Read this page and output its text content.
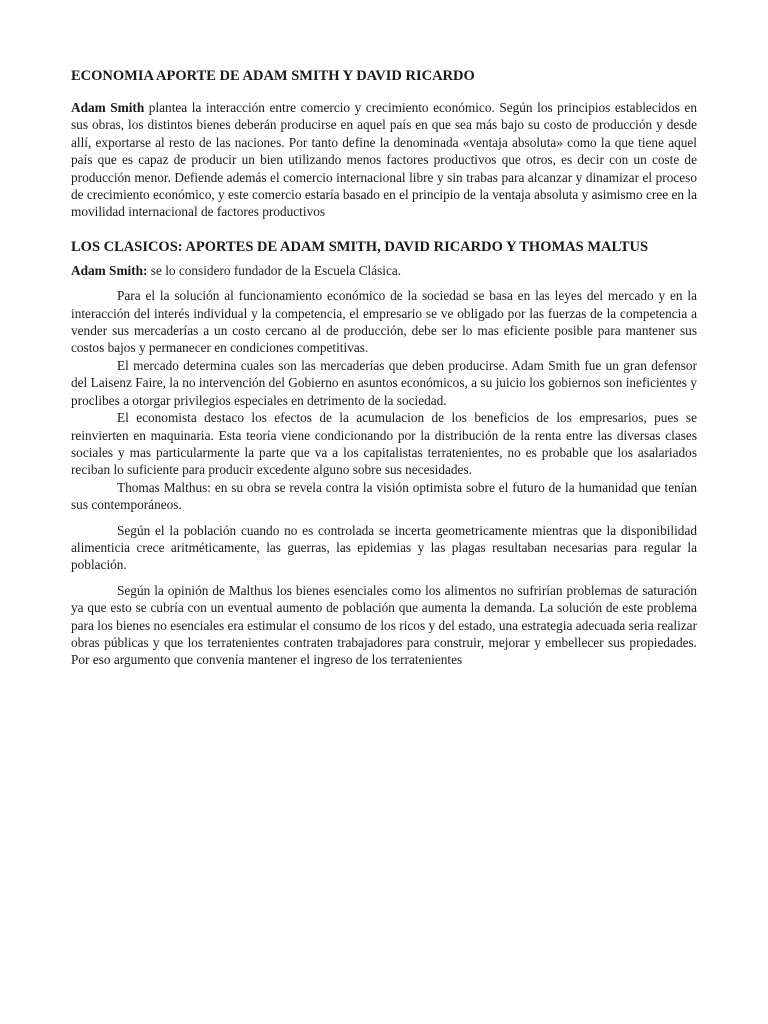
ECONOMIA APORTE DE ADAM SMITH Y DAVID RICARDO

Adam Smith plantea la interacción entre comercio y crecimiento económico. Según los principios establecidos en sus obras, los distintos bienes deberán producirse en aquel país en que sea más bajo su costo de producción y desde allí, exportarse al resto de las naciones. Por tanto define la denominada «ventaja absoluta» como la que tiene aquel país que es capaz de producir un bien utilizando menos factores productivos que otros, es decir con un coste de producción menor. Defiende además el comercio internacional libre y sin trabas para alcanzar y dinamizar el proceso de crecimiento económico, y este comercio estaría basado en el principio de la ventaja absoluta y asimismo cree en la movilidad internacional de factores productivos

LOS CLASICOS: APORTES DE ADAM SMITH, DAVID RICARDO Y THOMAS MALTUS

Adam Smith: se lo considero fundador de la Escuela Clásica.

Para el la solución al funcionamiento económico de la sociedad se basa en las leyes del mercado y en la interacción del interés individual y la competencia, el empresario se ve obligado por las fuerzas de la competencia a vender sus mercaderías a un costo cercano al de producción, debe ser lo mas eficiente posible para mantener sus costos bajos y permanecer en condiciones competitivas.

El mercado determina cuales son las mercaderías que deben producirse. Adam Smith fue un gran defensor del Laisenz Faire, la no intervención del Gobierno en asuntos económicos, a su juicio los gobiernos son ineficientes y proclibes a otorgar privilegios especiales en detrimento de la sociedad.

El economista destaco los efectos de la acumulacion de los beneficios de los empresarios, pues se reinvierten en maquinaria. Esta teoría viene condicionando por la distribución de la renta entre las diversas clases sociales y mas particularmente la parte que va a los capitalistas terratenientes, no es probable que los asalariados reciban lo suficiente para producir excedente alguno sobre sus necesidades.

Thomas Malthus: en su obra se revela contra la visión optimista sobre el futuro de la humanidad que tenían sus contemporáneos.

Según el la población cuando no es controlada se incerta geometricamente mientras que la disponibilidad alimenticia crece aritméticamente, las guerras, las epidemias y las plagas resultaban necesarias para regular la población.

Según la opinión de Malthus los bienes esenciales como los alimentos no sufrirían problemas de saturación ya que esto se cubría con un eventual aumento de población que aumenta la demanda. La solución de este problema para los bienes no esenciales era estimular el consumo de los ricos y del estado, una estrategia adecuada seria realizar obras públicas y que los terratenientes contraten trabajadores para construir, mejorar y embellecer sus propiedades. Por eso argumento que convenía mantener el ingreso de los terratenientes
